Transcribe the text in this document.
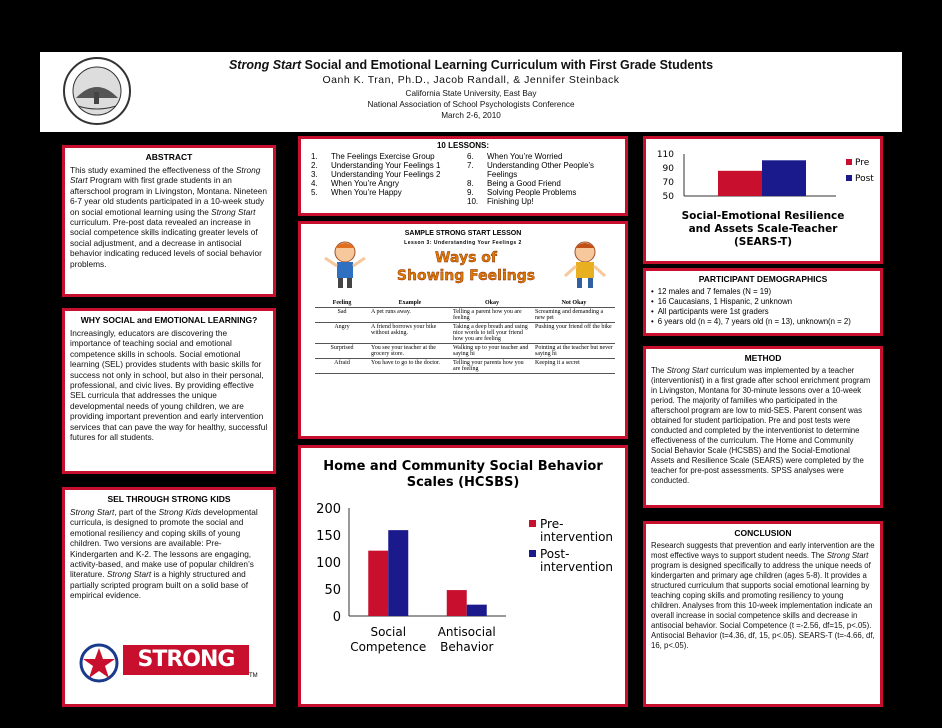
Strong Start Social and Emotional Learning Curriculum with First Grade Students
Oanh K. Tran, Ph.D., Jacob Randall, & Jennifer Steinback
California State University, East Bay
National Association of School Psychologists Conference
March 2-6, 2010
ABSTRACT
This study examined the effectiveness of the Strong Start Program with first grade students in an afterschool program in Livingston, Montana. Nineteen 6-7 year old students participated in a 10-week study on social emotional learning using the Strong Start curriculum. Pre-post data revealed an increase in social competence skills indicating greater levels of social adjustment, and a decrease in antisocial behavior indicating reduced levels of social behavior problems.
WHY SOCIAL and EMOTIONAL LEARNING?
Increasingly, educators are discovering the importance of teaching social and emotional competence skills in schools. Social emotional learning (SEL) provides students with basic skills for success not only in school, but also in their personal, professional, and civic lives. By providing effective SEL curricula that addresses the unique developmental needs of young children, we are providing important prevention and early intervention services that can pave the way for healthy, successful futures for all students.
SEL THROUGH STRONG KIDS
Strong Start, part of the Strong Kids developmental curricula, is designed to promote the social and emotional resiliency and coping skills of young children. Two versions are available: Pre-Kindergarten and K-2. The lessons are engaging, activity-based, and make use of popular children’s literature. Strong Start is a highly structured and partially scripted program built on a solid base of empirical evidence.
STRONG KIDS
TM
10 LESSONS:
1.	The Feelings Exercise Group
2.	Understanding Your Feelings 1
3.	Understanding Your Feelings 2
4.	When You’re Angry
5.	When You’re Happy
6.	When You’re Worried
7.	Understanding Other People’s Feelings
8.	Being a Good Friend
9.	Solving People Problems
10.	Finishing Up!
SAMPLE STRONG START LESSON
Lesson 3: Understanding Your Feelings 2
Ways of
Showing Feelings
Feeling	Example	Okay	Not Okay
Sad	A pet runs away.	Telling a parent how you are feeling	Screaming and demanding a new pet
Angry	A friend borrows your bike without asking.	Taking a deep breath and using nice words to tell your friend how you are feeling	Pushing your friend off the bike
Surprised	You see your teacher at the grocery store.	Walking up to your teacher and saying hi	Pointing at the teacher but never saying hi
Afraid	You have to go to the doctor.	Telling your parents how you are feeling	Keeping it a secret
Home and Community Social Behavior
Scales (HCSBS)
0
50
100
150
200
Social
Competence
Antisocial
Behavior
Pre-
intervention
Post-
intervention
50
70
90
110
Pre
Post
Social-Emotional Resilience
and Assets Scale-Teacher
(SEARS-T)
PARTICIPANT DEMOGRAPHICS
• 12 males and 7 females (N = 19)
• 16 Caucasians, 1 Hispanic, 2 unknown
• All participants were 1st graders
• 6 years old (n = 4), 7 years old (n = 13), unknown(n = 2)
METHOD
The Strong Start curriculum was implemented by a teacher (interventionist) in a first grade after school enrichment program in Livingston, Montana for 30-minute lessons over a 10-week period. The majority of families who participated in the afterschool program are low to mid-SES. Parent consent was obtained for student participation. Pre and post tests were conducted and completed by the interventionist to determine effectiveness of the curriculum. The Home and Community Social Behavior Scale (HCSBS) and the Social-Emotional Assets and Resilience Scale (SEARS) were completed by the teacher for pre-post assessments. SPSS analyses were conducted.
CONCLUSION
Research suggests that prevention and early intervention are the most effective ways to support student needs. The Strong Start program is designed specifically to address the unique needs of kindergarten and primary age children (ages 5-8). It provides a structured curriculum that supports social emotional learning by teaching coping skills and promoting resiliency to young children. Analyses from this 10-week implementation indicate an overall increase in social competence skills and decrease in antisocial behavior. Social Competence (t =-2.56, df=15, p<.05). Antisocial Behavior (t=4.36, df, 15, p<.05). SEARS-T (t=-4.66, df, 16, p<.05).
